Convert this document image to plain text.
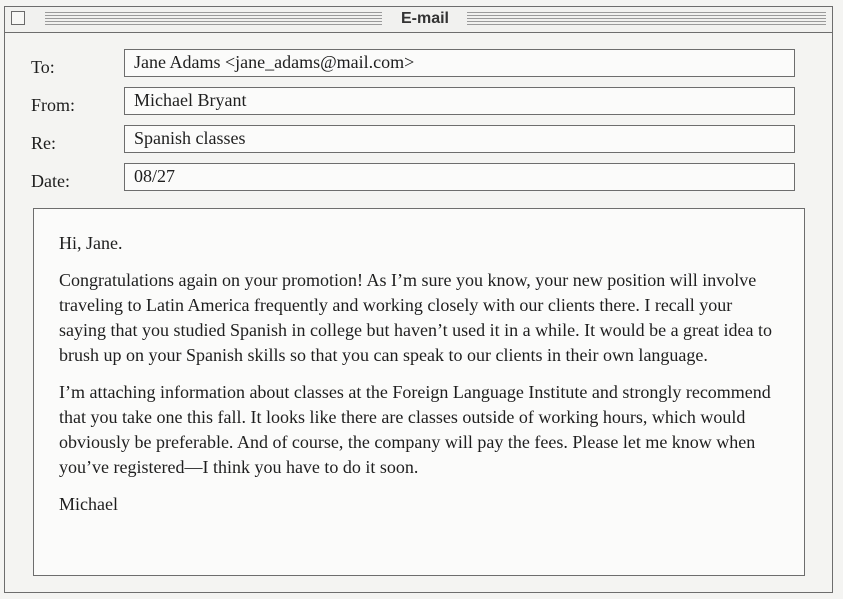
E-mail
To:	Jane Adams <jane_adams@mail.com>
From:	Michael Bryant
Re:	Spanish classes
Date:	08/27

Hi, Jane.

Congratulations again on your promotion! As I’m sure you know, your new position will involve traveling to Latin America frequently and working closely with our clients there. I recall your saying that you studied Spanish in college but haven’t used it in a while. It would be a great idea to brush up on your Spanish skills so that you can speak to our clients in their own language.

I’m attaching information about classes at the Foreign Language Institute and strongly recommend that you take one this fall. It looks like there are classes outside of working hours, which would obviously be preferable. And of course, the company will pay the fees. Please let me know when you’ve registered—I think you have to do it soon.

Michael
